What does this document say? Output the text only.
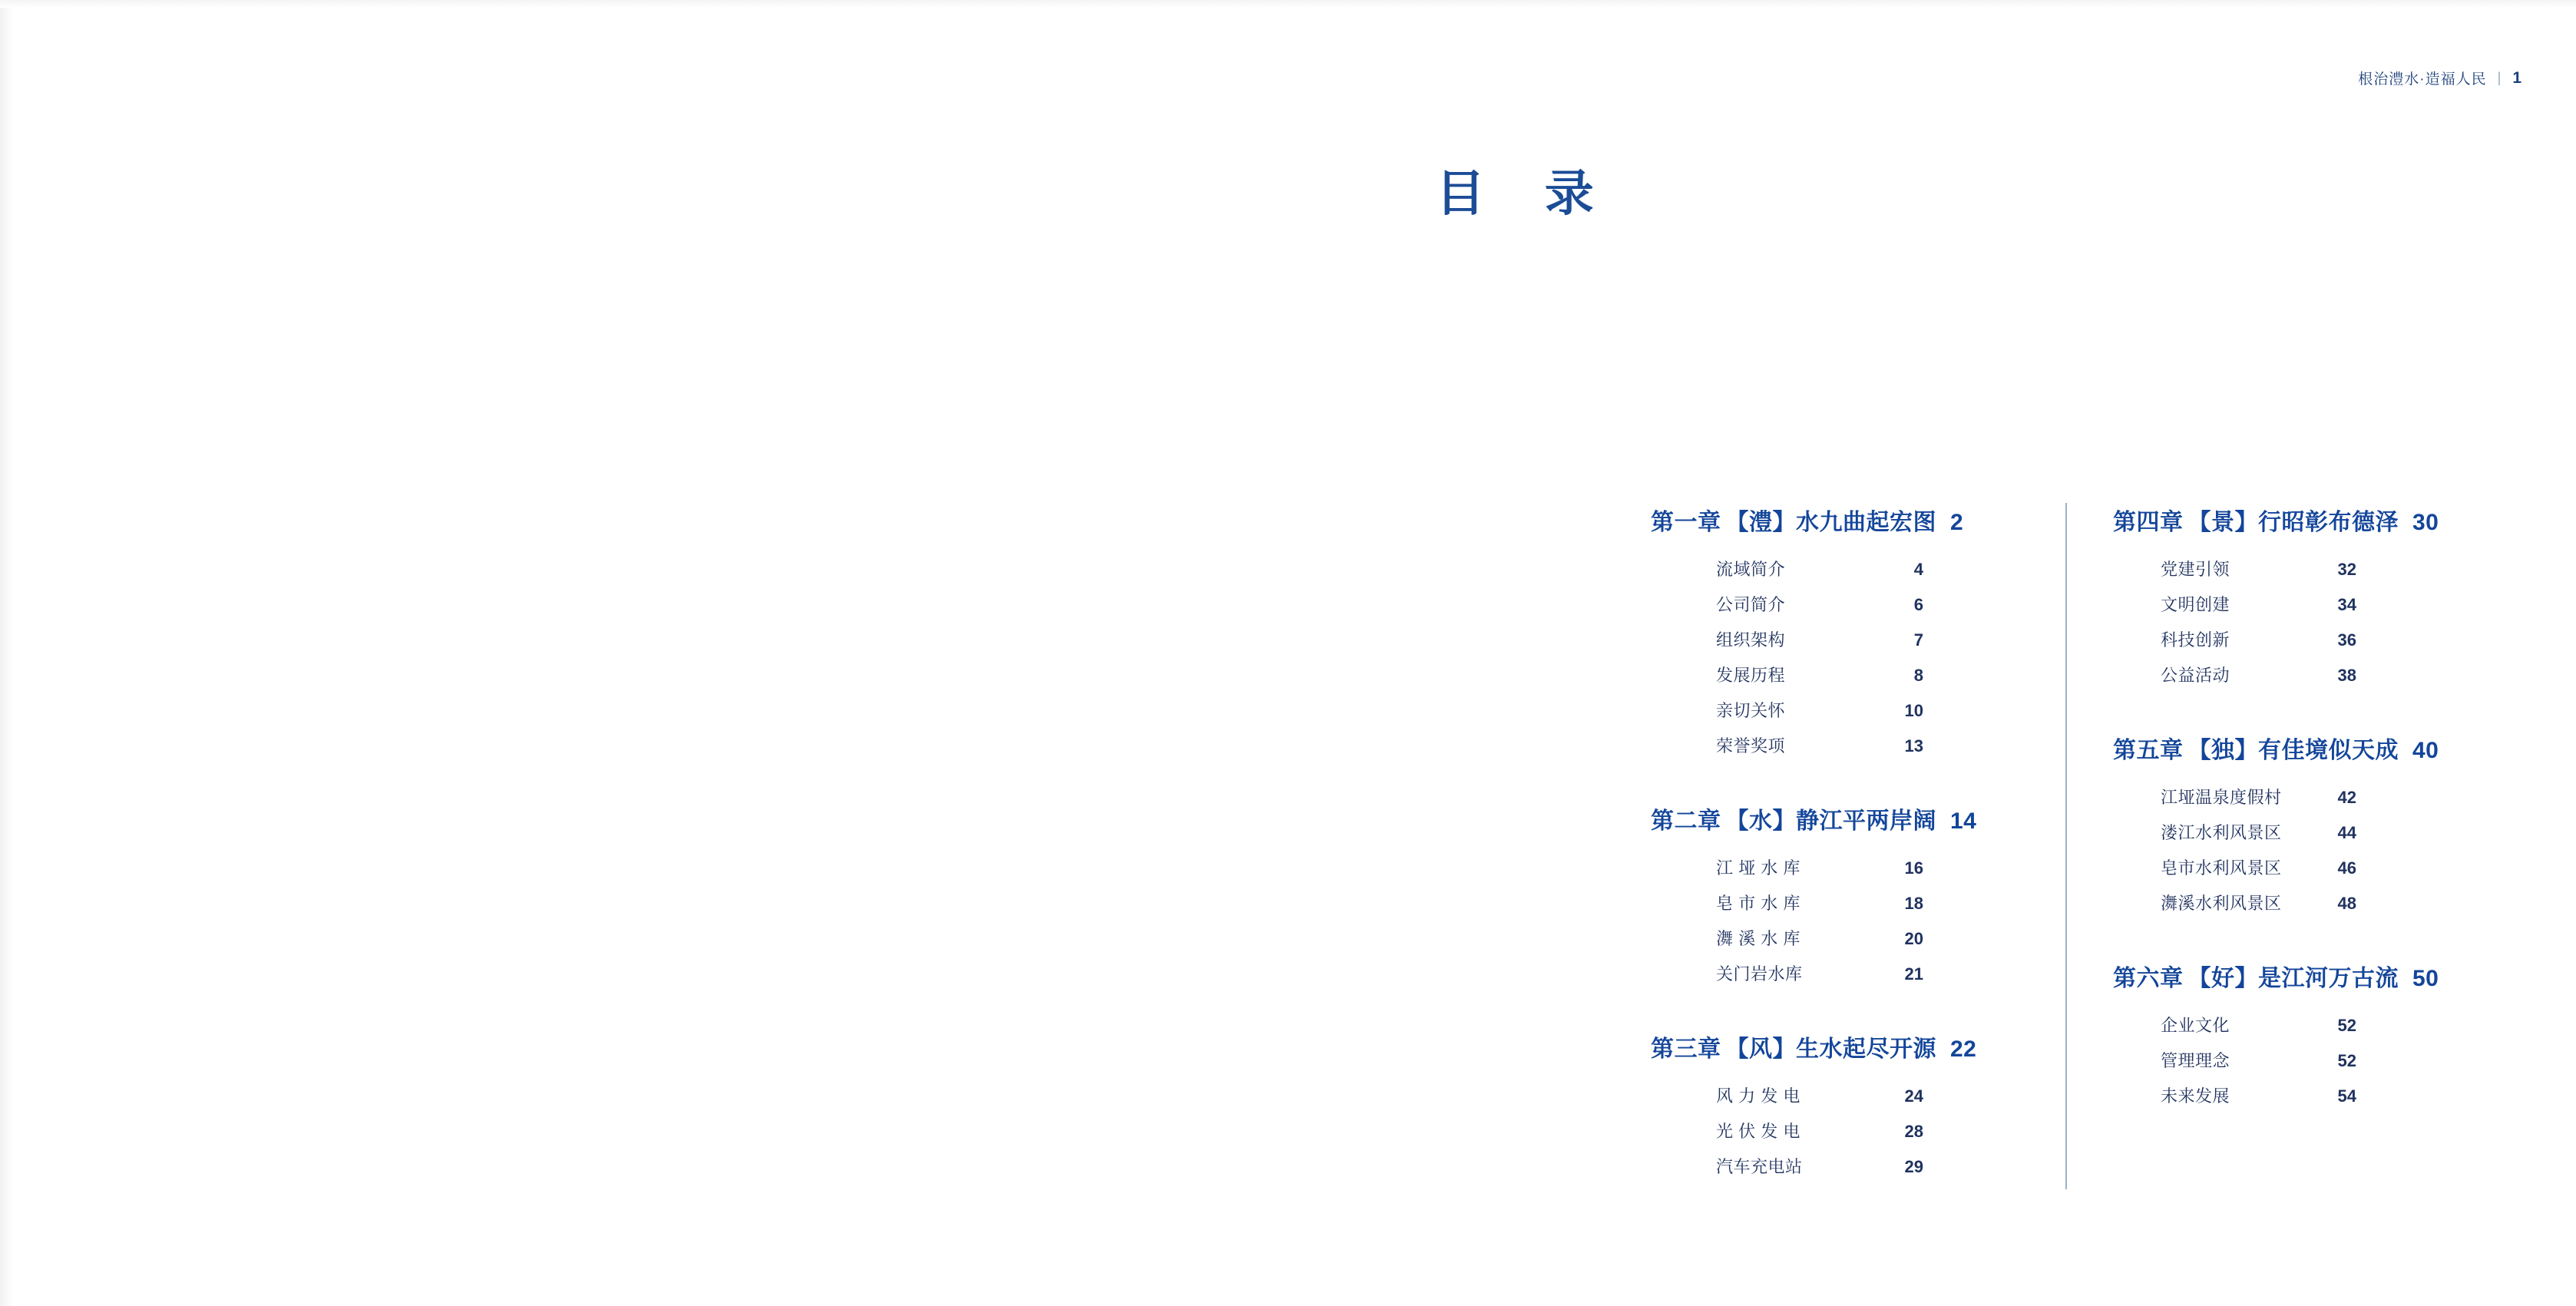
根治澧水·造福人民 | 1
目 录
第一章 【澧】水九曲起宏图 2
流域简介	4
公司简介	6
组织架构	7
发展历程	8
亲切关怀	10
荣誉奖项	13
第二章 【水】静江平两岸阔 14
江 垭 水 库	16
皂 市 水 库	18
㵲 溪 水 库	20
关门岩水库	21
第三章 【风】生水起尽开源 22
风 力 发 电	24
光 伏 发 电	28
汽车充电站	29
第四章 【景】行昭彰布德泽 30
党建引领	32
文明创建	34
科技创新	36
公益活动	38
第五章 【独】有佳境似天成 40
江垭温泉度假村	42
溇江水利风景区	44
皂市水利风景区	46
㵲溪水利风景区	48
第六章 【好】是江河万古流 50
企业文化	52
管理理念	52
未来发展	54
